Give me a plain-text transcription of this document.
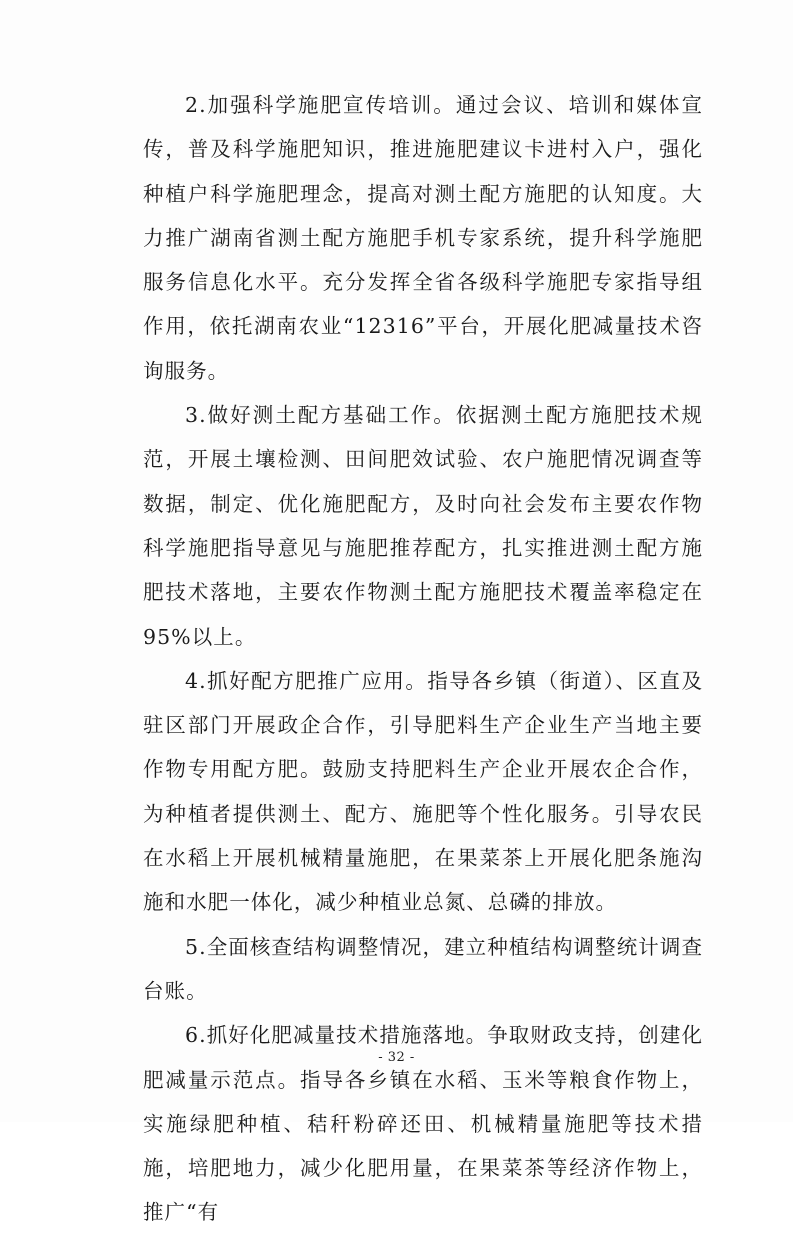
2.加强科学施肥宣传培训。通过会议、培训和媒体宣传，普及科学施肥知识，推进施肥建议卡进村入户，强化种植户科学施肥理念，提高对测土配方施肥的认知度。大力推广湖南省测土配方施肥手机专家系统，提升科学施肥服务信息化水平。充分发挥全省各级科学施肥专家指导组作用，依托湖南农业“12316”平台，开展化肥减量技术咨询服务。

3.做好测土配方基础工作。依据测土配方施肥技术规范，开展土壤检测、田间肥效试验、农户施肥情况调查等数据，制定、优化施肥配方，及时向社会发布主要农作物科学施肥指导意见与施肥推荐配方，扎实推进测土配方施肥技术落地，主要农作物测土配方施肥技术覆盖率稳定在 95%以上。

4.抓好配方肥推广应用。指导各乡镇（街道）、区直及驻区部门开展政企合作，引导肥料生产企业生产当地主要作物专用配方肥。鼓励支持肥料生产企业开展农企合作，为种植者提供测土、配方、施肥等个性化服务。引导农民在水稻上开展机械精量施肥，在果菜茶上开展化肥条施沟施和水肥一体化，减少种植业总氮、总磷的排放。

5.全面核查结构调整情况，建立种植结构调整统计调查台账。

6.抓好化肥减量技术措施落地。争取财政支持，创建化肥减量示范点。指导各乡镇在水稻、玉米等粮食作物上，实施绿肥种植、秸秆粉碎还田、机械精量施肥等技术措施，培肥地力，减少化肥用量，在果菜茶等经济作物上，推广“有

- 32 -
